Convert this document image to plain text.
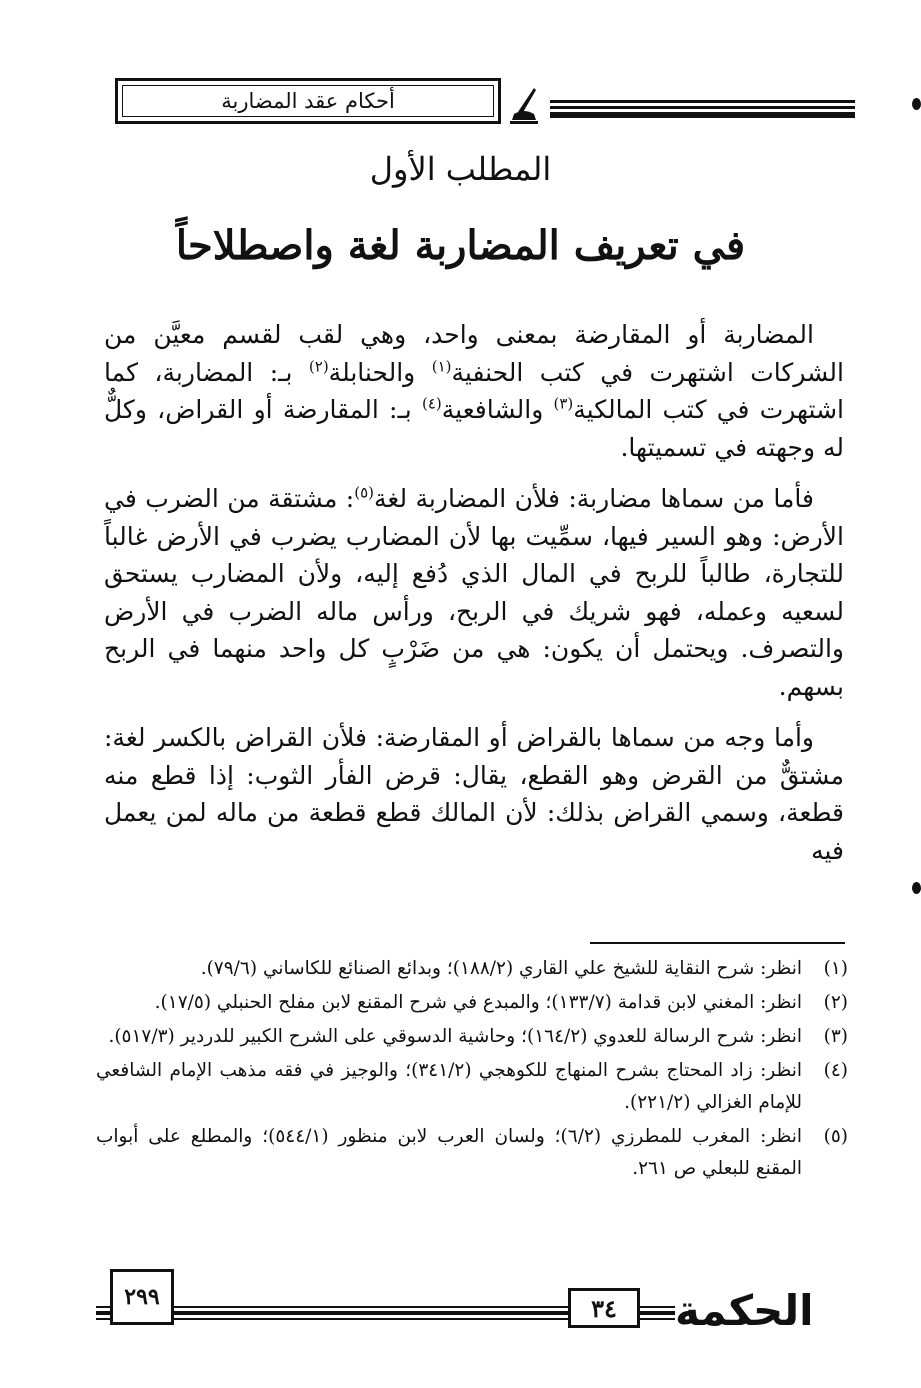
أحكام عقد المضاربة
المطلب الأول
في تعريف المضاربة لغة واصطلاحاً

المضاربة أو المقارضة بمعنى واحد، وهي لقب لقسم معيَّن من الشركات اشتهرت في كتب الحنفية$^{(١)}$ والحنابلة$^{(٢)}$ بـ: المضاربة، كما اشتهرت في كتب المالكية$^{(٣)}$ والشافعية$^{(٤)}$ بـ: المقارضة أو القراض، وكلٌّ له وجهته في تسميتها.

فأما من سماها مضاربة: فلأن المضاربة لغة$^{(٥)}$: مشتقة من الضرب في الأرض: وهو السير فيها، سمِّيت بها لأن المضارب يضرب في الأرض غالباً للتجارة، طالباً للربح في المال الذي دُفع إليه، ولأن المضارب يستحق لسعيه وعمله، فهو شريك في الربح، ورأس ماله الضرب في الأرض والتصرف. ويحتمل أن يكون: هي من ضَرْبٍ كل واحد منهما في الربح بسهم.

وأما وجه من سماها بالقراض أو المقارضة: فلأن القراض بالكسر لغة: مشتقٌّ من القرض وهو القطع، يقال: قرض الفأر الثوب: إذا قطع منه قطعة، وسمي القراض بذلك: لأن المالك قطع قطعة من ماله لمن يعمل فيه

(١)
انظر: شرح النقاية للشيخ علي القاري (١٨٨/٢)؛ وبدائع الصنائع للكاساني (٧٩/٦).
(٢)
انظر: المغني لابن قدامة (١٣٣/٧)؛ والمبدع في شرح المقنع لابن مفلح الحنبلي (١٧/٥).
(٣)
انظر: شرح الرسالة للعدوي (١٦٤/٢)؛ وحاشية الدسوقي على الشرح الكبير للدردير (٥١٧/٣).
(٤)
انظر: زاد المحتاج بشرح المنهاج للكوهجي (٣٤١/٢)؛ والوجيز في فقه مذهب الإمام الشافعي للإمام الغزالي (٢٢١/٢).
(٥)
انظر: المغرب للمطرزي (٦/٢)؛ ولسان العرب لابن منظور (٥٤٤/١)؛ والمطلع على أبواب المقنع للبعلي ص ٢٦١.
٢٩٩	٣٤ الحكمة
